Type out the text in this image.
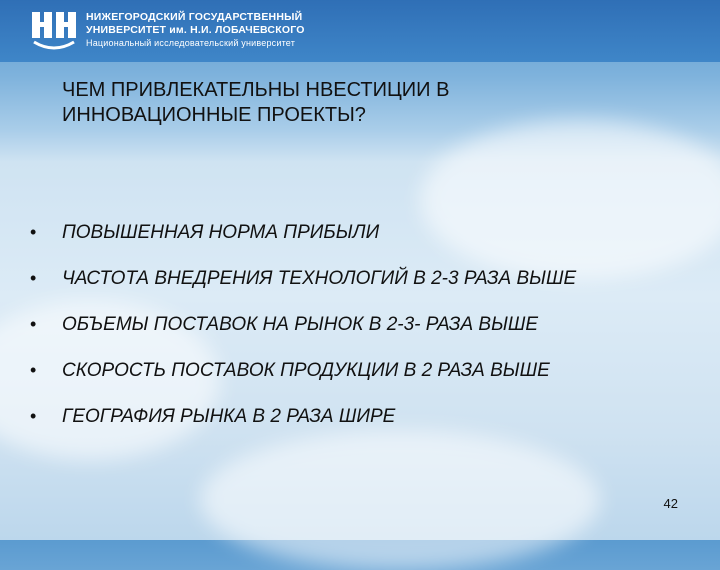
НИЖЕГОРОДСКИЙ ГОСУДАРСТВЕННЫЙ
УНИВЕРСИТЕТ им. Н.И. ЛОБАЧЕВСКОГО
Национальный исследовательский университет
ЧЕМ ПРИВЛЕКАТЕЛЬНЫ НВЕСТИЦИИ В
ИННОВАЦИОННЫЕ ПРОЕКТЫ?
• ПОВЫШЕННАЯ НОРМА ПРИБЫЛИ
• ЧАСТОТА ВНЕДРЕНИЯ ТЕХНОЛОГИЙ В 2-3 РАЗА ВЫШЕ
• ОБЪЕМЫ ПОСТАВОК НА РЫНОК В 2-3- РАЗА ВЫШЕ
• СКОРОСТЬ ПОСТАВОК ПРОДУКЦИИ В 2 РАЗА ВЫШЕ
• ГЕОГРАФИЯ РЫНКА В 2 РАЗА ШИРЕ
42
